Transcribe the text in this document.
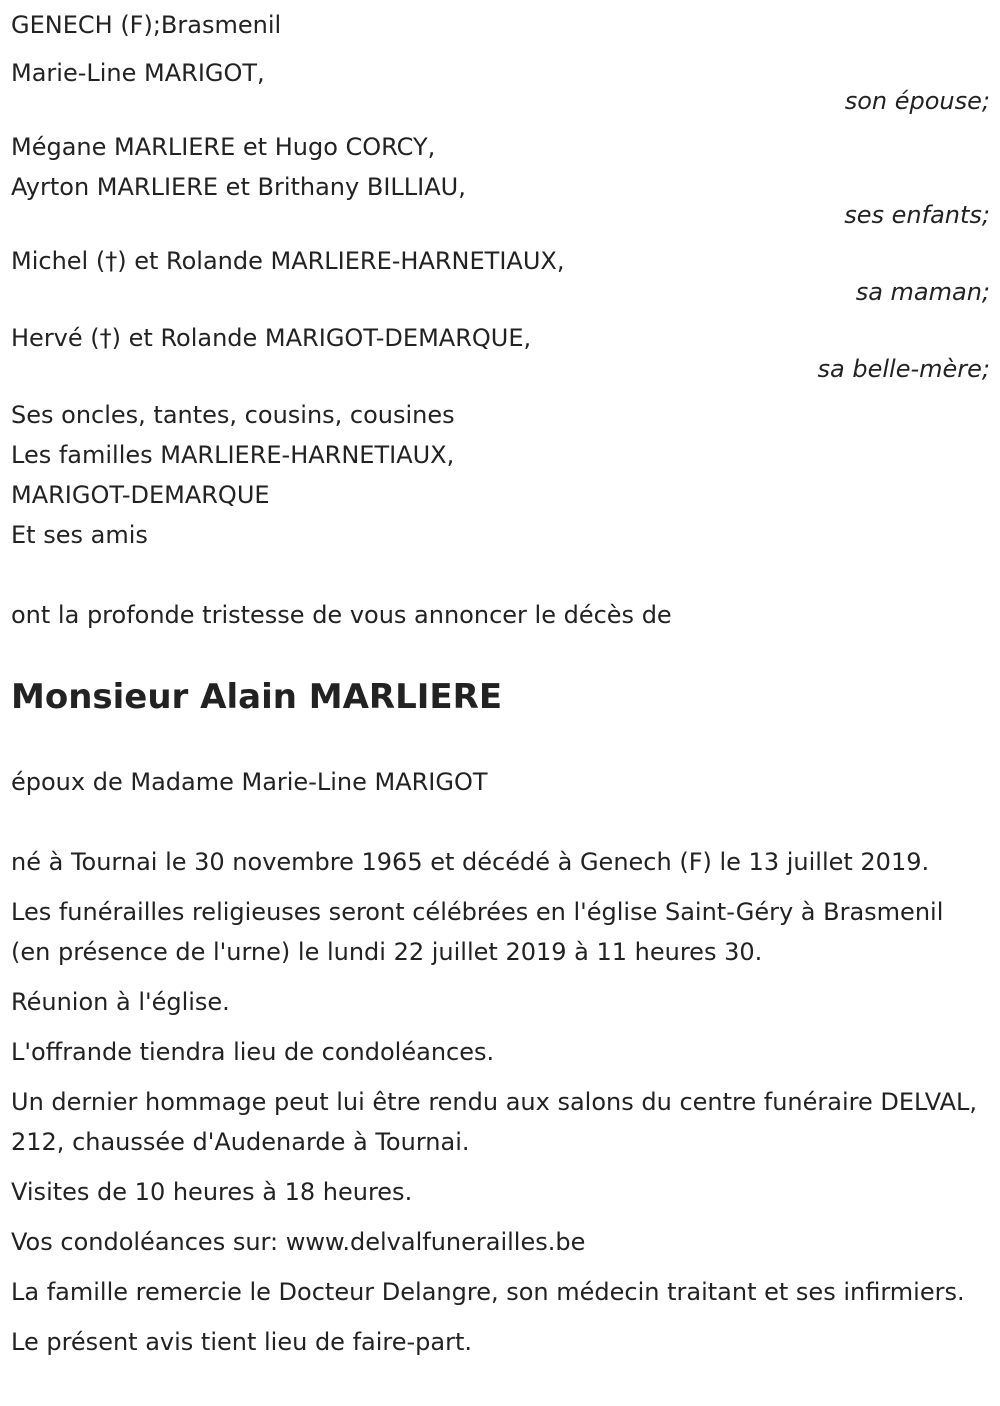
GENECH (F);Brasmenil
Marie-Line MARIGOT,
son épouse;
Mégane MARLIERE et Hugo CORCY,
Ayrton MARLIERE et Brithany BILLIAU,
ses enfants;
Michel (†) et Rolande MARLIERE-HARNETIAUX,
sa maman;
Hervé (†) et Rolande MARIGOT-DEMARQUE,
sa belle-mère;
Ses oncles, tantes, cousins, cousines
Les familles MARLIERE-HARNETIAUX,
MARIGOT-DEMARQUE
Et ses amis
ont la profonde tristesse de vous annoncer le décès de
Monsieur Alain MARLIERE
époux de Madame Marie-Line MARIGOT
né à Tournai le 30 novembre 1965 et décédé à Genech (F) le 13 juillet 2019.
Les funérailles religieuses seront célébrées en l'église Saint-Géry à Brasmenil (en présence de l'urne) le lundi 22 juillet 2019 à 11 heures 30.
Réunion à l'église.
L'offrande tiendra lieu de condoléances.
Un dernier hommage peut lui être rendu aux salons du centre funéraire DELVAL, 212, chaussée d'Audenarde à Tournai.
Visites de 10 heures à 18 heures.
Vos condoléances sur: www.delvalfunerailles.be
La famille remercie le Docteur Delangre, son médecin traitant et ses infirmiers.
Le présent avis tient lieu de faire-part.
